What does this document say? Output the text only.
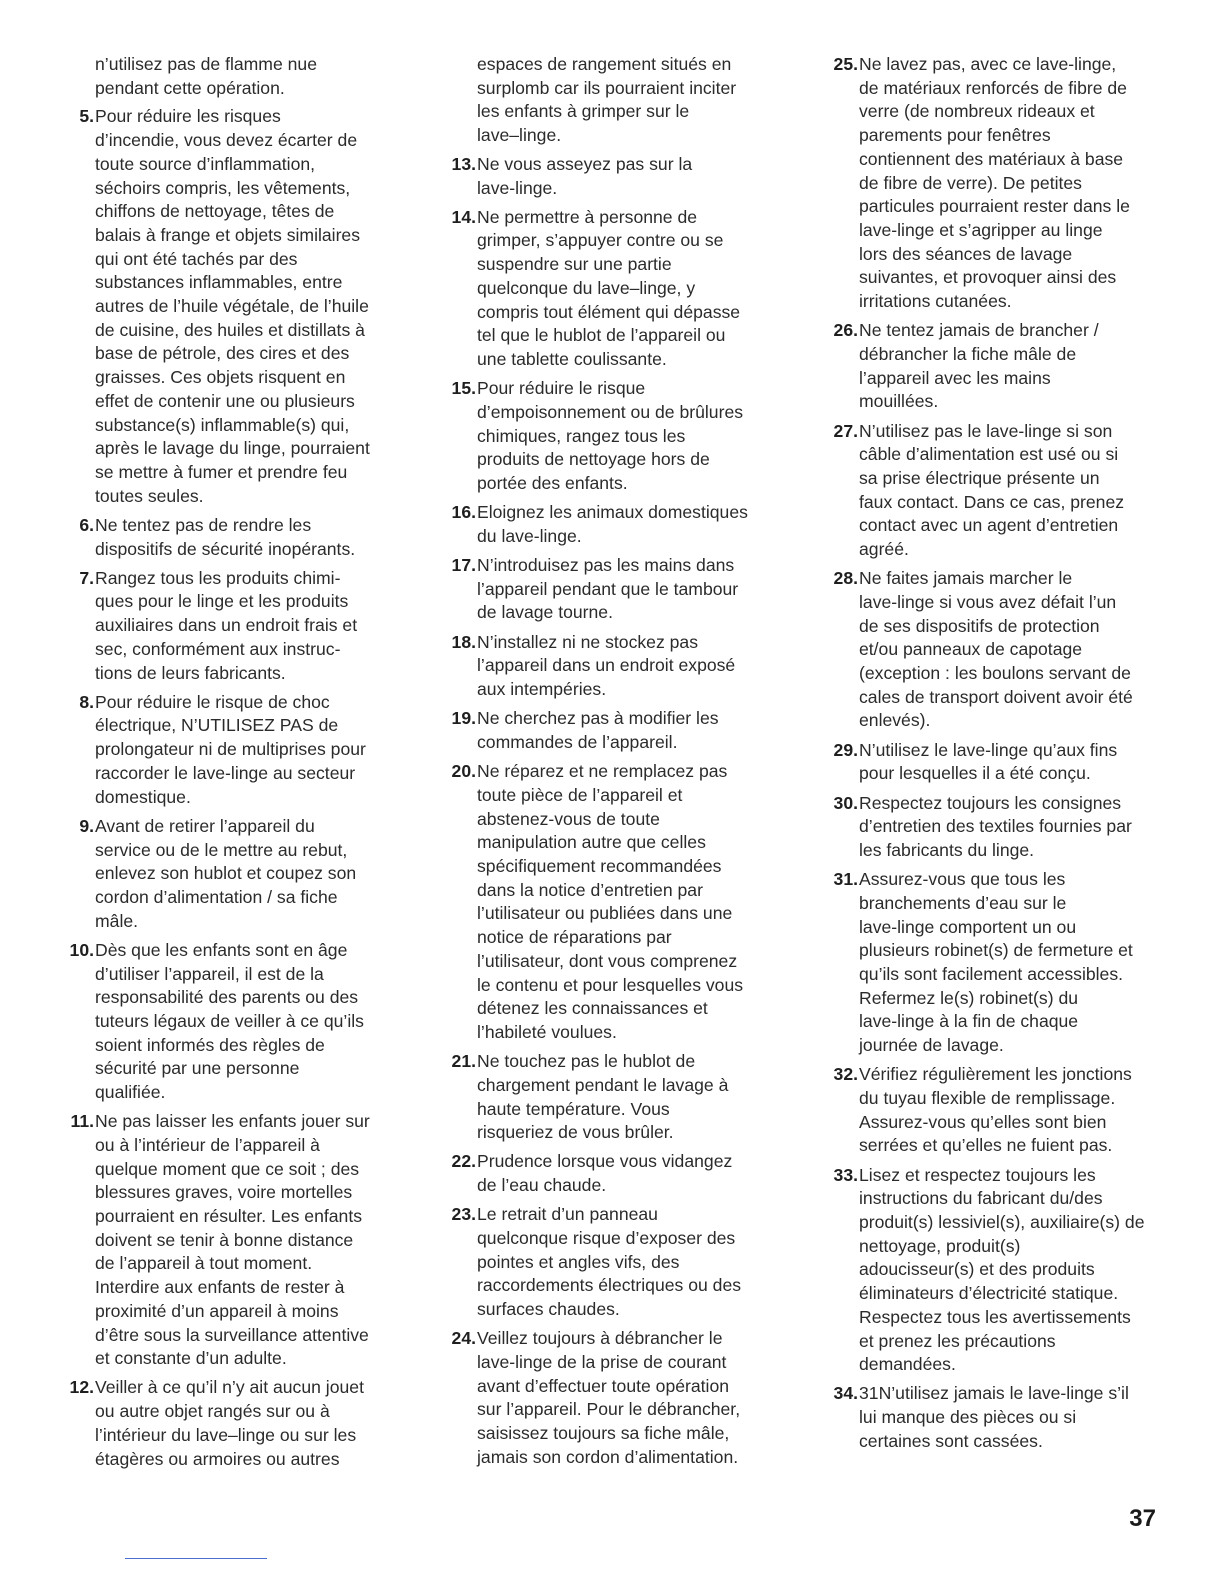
n’utilisez pas de flamme nue
pendant cette opération.
5. Pour réduire les risques
d’incendie, vous devez écarter de
toute source d’inflammation,
séchoirs compris, les vêtements,
chiffons de nettoyage, têtes de
balais à frange et objets similaires
qui ont été tachés par des
substances inflammables, entre
autres de l’huile végétale, de l’huile
de cuisine, des huiles et distillats à
base de pétrole, des cires et des
graisses. Ces objets risquent en
effet de contenir une ou plusieurs
substance(s) inflammable(s) qui,
après le lavage du linge, pourraient
se mettre à fumer et prendre feu
toutes seules.
6. Ne tentez pas de rendre les
dispositifs de sécurité inopérants.
7. Rangez tous les produits chimi-
ques pour le linge et les produits
auxiliaires dans un endroit frais et
sec, conformément aux instruc-
tions de leurs fabricants.
8. Pour réduire le risque de choc
électrique, N’UTILISEZ PAS de
prolongateur ni de multiprises pour
raccorder le lave-linge au secteur
domestique.
9. Avant de retirer l’appareil du
service ou de le mettre au rebut,
enlevez son hublot et coupez son
cordon d’alimentation / sa fiche
mâle.
10. Dès que les enfants sont en âge
d’utiliser l’appareil, il est de la
responsabilité des parents ou des
tuteurs légaux de veiller à ce qu’ils
soient informés des règles de
sécurité par une personne
qualifiée.
11. Ne pas laisser les enfants jouer sur
ou à l’intérieur de l’appareil à
quelque moment que ce soit ; des
blessures graves, voire mortelles
pourraient en résulter. Les enfants
doivent se tenir à bonne distance
de l’appareil à tout moment.
Interdire aux enfants de rester à
proximité d’un appareil à moins
d’être sous la surveillance attentive
et constante d’un adulte.
12. Veiller à ce qu’il n’y ait aucun jouet
ou autre objet rangés sur ou à
l’intérieur du lave–linge ou sur les
étagères ou armoires ou autres
espaces de rangement situés en
surplomb car ils pourraient inciter
les enfants à grimper sur le
lave–linge.
13. Ne vous asseyez pas sur la
lave-linge.
14. Ne permettre à personne de
grimper, s’appuyer contre ou se
suspendre sur une partie
quelconque du lave–linge, y
compris tout élément qui dépasse
tel que le hublot de l’appareil ou
une tablette coulissante.
15. Pour réduire le risque
d’empoisonnement ou de brûlures
chimiques, rangez tous les
produits de nettoyage hors de
portée des enfants.
16. Eloignez les animaux domestiques
du lave-linge.
17. N’introduisez pas les mains dans
l’appareil pendant que le tambour
de lavage tourne.
18. N’installez ni ne stockez pas
l’appareil dans un endroit exposé
aux intempéries.
19. Ne cherchez pas à modifier les
commandes de l’appareil.
20. Ne réparez et ne remplacez pas
toute pièce de l’appareil et
abstenez-vous de toute
manipulation autre que celles
spécifiquement recommandées
dans la notice d’entretien par
l’utilisateur ou publiées dans une
notice de réparations par
l’utilisateur, dont vous comprenez
le contenu et pour lesquelles vous
détenez les connaissances et
l’habileté voulues.
21. Ne touchez pas le hublot de
chargement pendant le lavage à
haute température. Vous
risqueriez de vous brûler.
22. Prudence lorsque vous vidangez
de l’eau chaude.
23. Le retrait d’un panneau
quelconque risque d’exposer des
pointes et angles vifs, des
raccordements électriques ou des
surfaces chaudes.
24. Veillez toujours à débrancher le
lave-linge de la prise de courant
avant d’effectuer toute opération
sur l’appareil. Pour le débrancher,
saisissez toujours sa fiche mâle,
jamais son cordon d’alimentation.
25. Ne lavez pas, avec ce lave-linge,
de matériaux renforcés de fibre de
verre (de nombreux rideaux et
parements pour fenêtres
contiennent des matériaux à base
de fibre de verre). De petites
particules pourraient rester dans le
lave-linge et s’agripper au linge
lors des séances de lavage
suivantes, et provoquer ainsi des
irritations cutanées.
26. Ne tentez jamais de brancher /
débrancher la fiche mâle de
l’appareil avec les mains
mouillées.
27. N’utilisez pas le lave-linge si son
câble d’alimentation est usé ou si
sa prise électrique présente un
faux contact. Dans ce cas, prenez
contact avec un agent d’entretien
agréé.
28. Ne faites jamais marcher le
lave-linge si vous avez défait l’un
de ses dispositifs de protection
et/ou panneaux de capotage
(exception : les boulons servant de
cales de transport doivent avoir été
enlevés).
29. N’utilisez le lave-linge qu’aux fins
pour lesquelles il a été conçu.
30. Respectez toujours les consignes
d’entretien des textiles fournies par
les fabricants du linge.
31. Assurez-vous que tous les
branchements d’eau sur le
lave-linge comportent un ou
plusieurs robinet(s) de fermeture et
qu’ils sont facilement accessibles.
Refermez le(s) robinet(s) du
lave-linge à la fin de chaque
journée de lavage.
32. Vérifiez régulièrement les jonctions
du tuyau flexible de remplissage.
Assurez-vous qu’elles sont bien
serrées et qu’elles ne fuient pas.
33. Lisez et respectez toujours les
instructions du fabricant du/des
produit(s) lessiviel(s), auxiliaire(s) de
nettoyage, produit(s)
adoucisseur(s) et des produits
éliminateurs d’électricité statique.
Respectez tous les avertissements
et prenez les précautions
demandées.
34. 31N’utilisez jamais le lave-linge s’il
lui manque des pièces ou si
certaines sont cassées.
37
